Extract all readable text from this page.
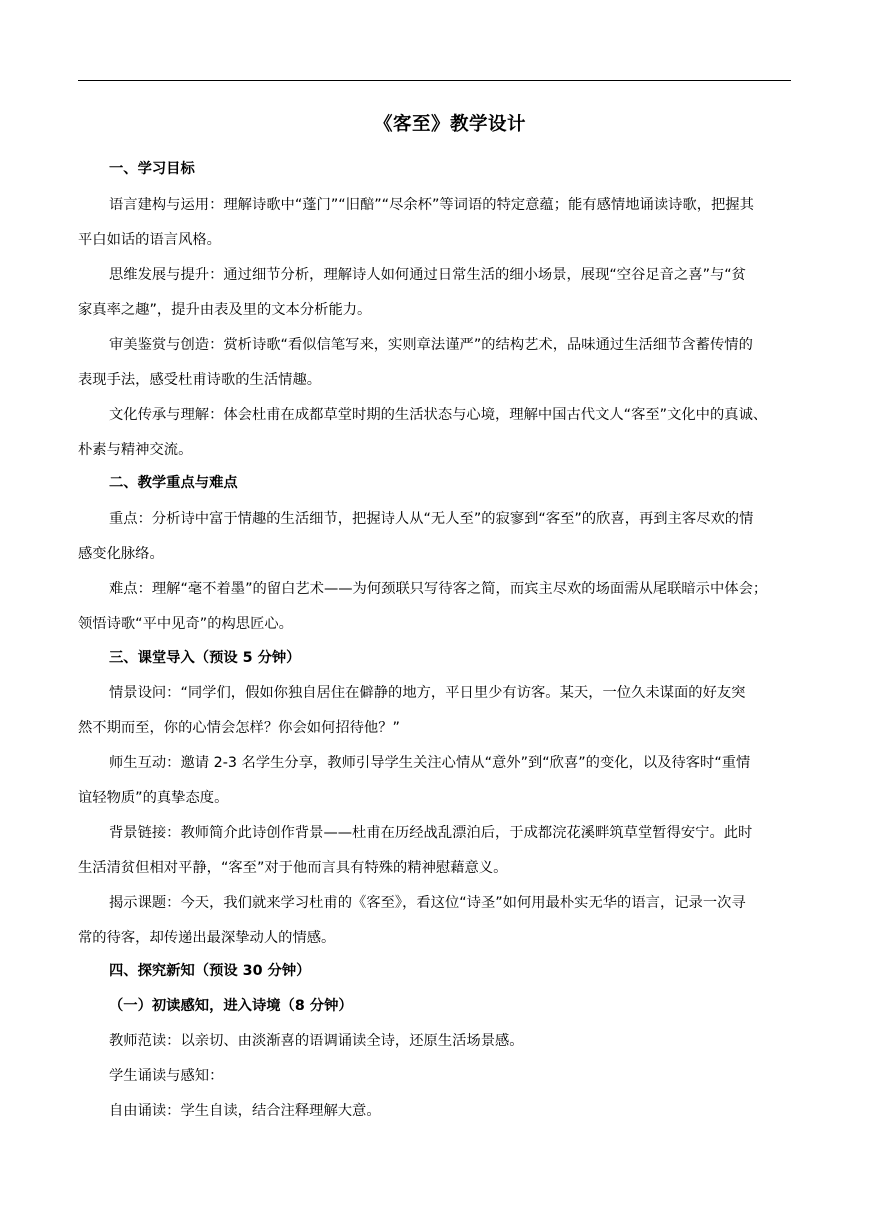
《客至》教学设计
一、学习目标
语言建构与运用：理解诗歌中“蓬门”“旧醅”“尽余杯”等词语的特定意蕴；能有感情地诵读诗歌，把握其
平白如话的语言风格。
思维发展与提升：通过细节分析，理解诗人如何通过日常生活的细小场景，展现“空谷足音之喜”与“贫
家真率之趣”，提升由表及里的文本分析能力。
审美鉴赏与创造：赏析诗歌“看似信笔写来，实则章法谨严”的结构艺术，品味通过生活细节含蓄传情的
表现手法，感受杜甫诗歌的生活情趣。
文化传承与理解：体会杜甫在成都草堂时期的生活状态与心境，理解中国古代文人“客至”文化中的真诚、
朴素与精神交流。
二、教学重点与难点
重点：分析诗中富于情趣的生活细节，把握诗人从“无人至”的寂寥到“客至”的欣喜，再到主客尽欢的情
感变化脉络。
难点：理解“毫不着墨”的留白艺术——为何颈联只写待客之简，而宾主尽欢的场面需从尾联暗示中体会；
领悟诗歌“平中见奇”的构思匠心。
三、课堂导入（预设 5 分钟）
情景设问：“同学们，假如你独自居住在僻静的地方，平日里少有访客。某天，一位久未谋面的好友突
然不期而至，你的心情会怎样？你会如何招待他？”
师生互动：邀请 2-3 名学生分享，教师引导学生关注心情从“意外”到“欣喜”的变化，以及待客时“重情
谊轻物质”的真挚态度。
背景链接：教师简介此诗创作背景——杜甫在历经战乱漂泊后，于成都浣花溪畔筑草堂暂得安宁。此时
生活清贫但相对平静，“客至”对于他而言具有特殊的精神慰藉意义。
揭示课题：今天，我们就来学习杜甫的《客至》，看这位“诗圣”如何用最朴实无华的语言，记录一次寻
常的待客，却传递出最深挚动人的情感。
四、探究新知（预设 30 分钟）
（一）初读感知，进入诗境（8 分钟）
教师范读：以亲切、由淡渐喜的语调诵读全诗，还原生活场景感。
学生诵读与感知：
自由诵读：学生自读，结合注释理解大意。
